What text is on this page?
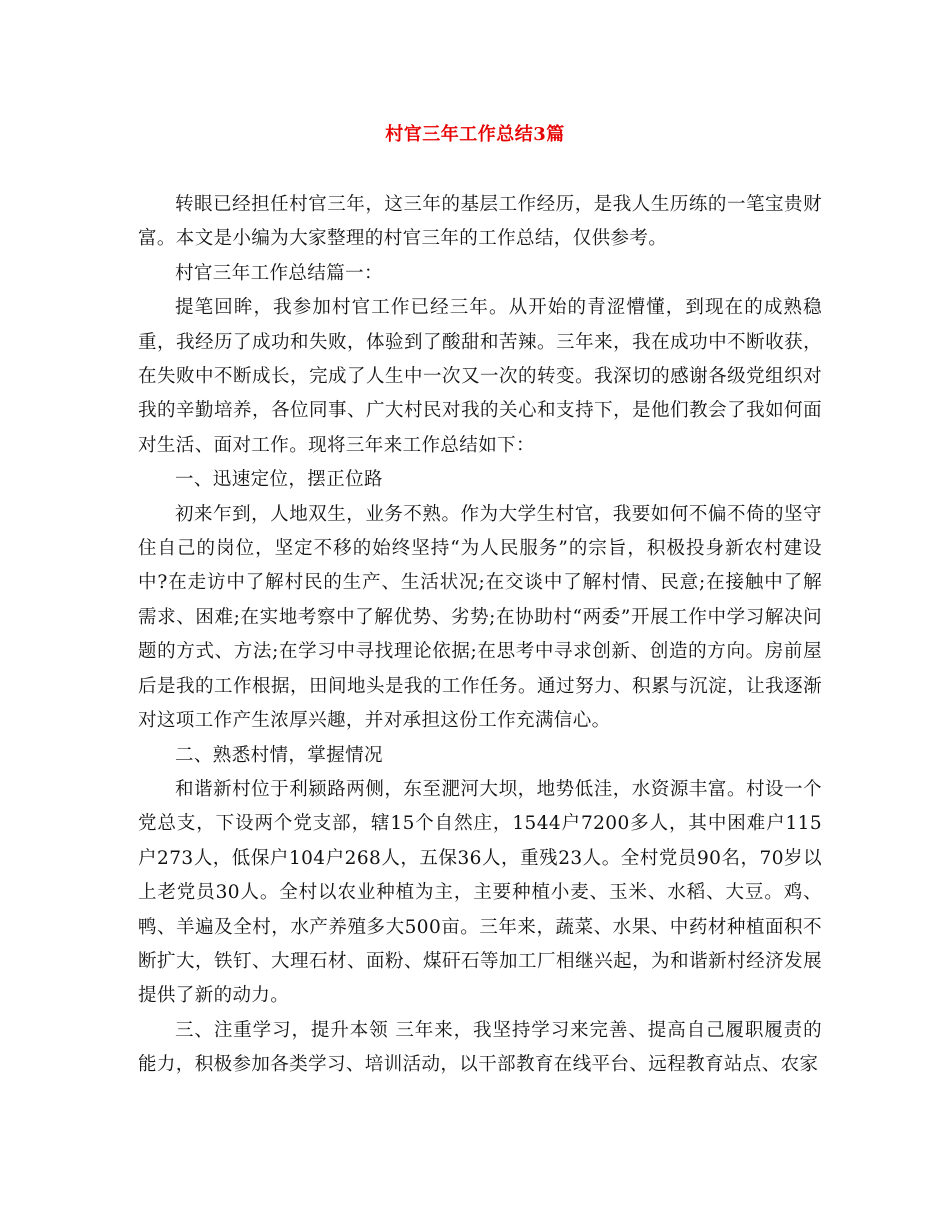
村官三年工作总结3篇

转眼已经担任村官三年，这三年的基层工作经历，是我人生历练的一笔宝贵财富。本文是小编为大家整理的村官三年的工作总结，仅供参考。

村官三年工作总结篇一：

提笔回眸，我参加村官工作已经三年。从开始的青涩懵懂，到现在的成熟稳重，我经历了成功和失败，体验到了酸甜和苦辣。三年来，我在成功中不断收获，在失败中不断成长，完成了人生中一次又一次的转变。我深切的感谢各级党组织对我的辛勤培养，各位同事、广大村民对我的关心和支持下，是他们教会了我如何面对生活、面对工作。现将三年来工作总结如下：

一、迅速定位，摆正位路

初来乍到，人地双生，业务不熟。作为大学生村官，我要如何不偏不倚的坚守住自己的岗位，坚定不移的始终坚持“为人民服务”的宗旨，积极投身新农村建设中?在走访中了解村民的生产、生活状况;在交谈中了解村情、民意;在接触中了解需求、困难;在实地考察中了解优势、劣势;在协助村“两委”开展工作中学习解决问题的方式、方法;在学习中寻找理论依据;在思考中寻求创新、创造的方向。房前屋后是我的工作根据，田间地头是我的工作任务。通过努力、积累与沉淀，让我逐渐对这项工作产生浓厚兴趣，并对承担这份工作充满信心。

二、熟悉村情，掌握情况

和谐新村位于利颍路两侧，东至淝河大坝，地势低洼，水资源丰富。村设一个党总支，下设两个党支部，辖15个自然庄，1544户7200多人，其中困难户115户273人，低保户104户268人，五保36人，重残23人。全村党员90名，70岁以上老党员30人。全村以农业种植为主，主要种植小麦、玉米、水稻、大豆。鸡、鸭、羊遍及全村，水产养殖多大500亩。三年来，蔬菜、水果、中药材种植面积不断扩大，铁钉、大理石材、面粉、煤矸石等加工厂相继兴起，为和谐新村经济发展提供了新的动力。

三、注重学习，提升本领 三年来，我坚持学习来完善、提高自己履职履责的能力，积极参加各类学习、培训活动，以干部教育在线平台、远程教育站点、农家
